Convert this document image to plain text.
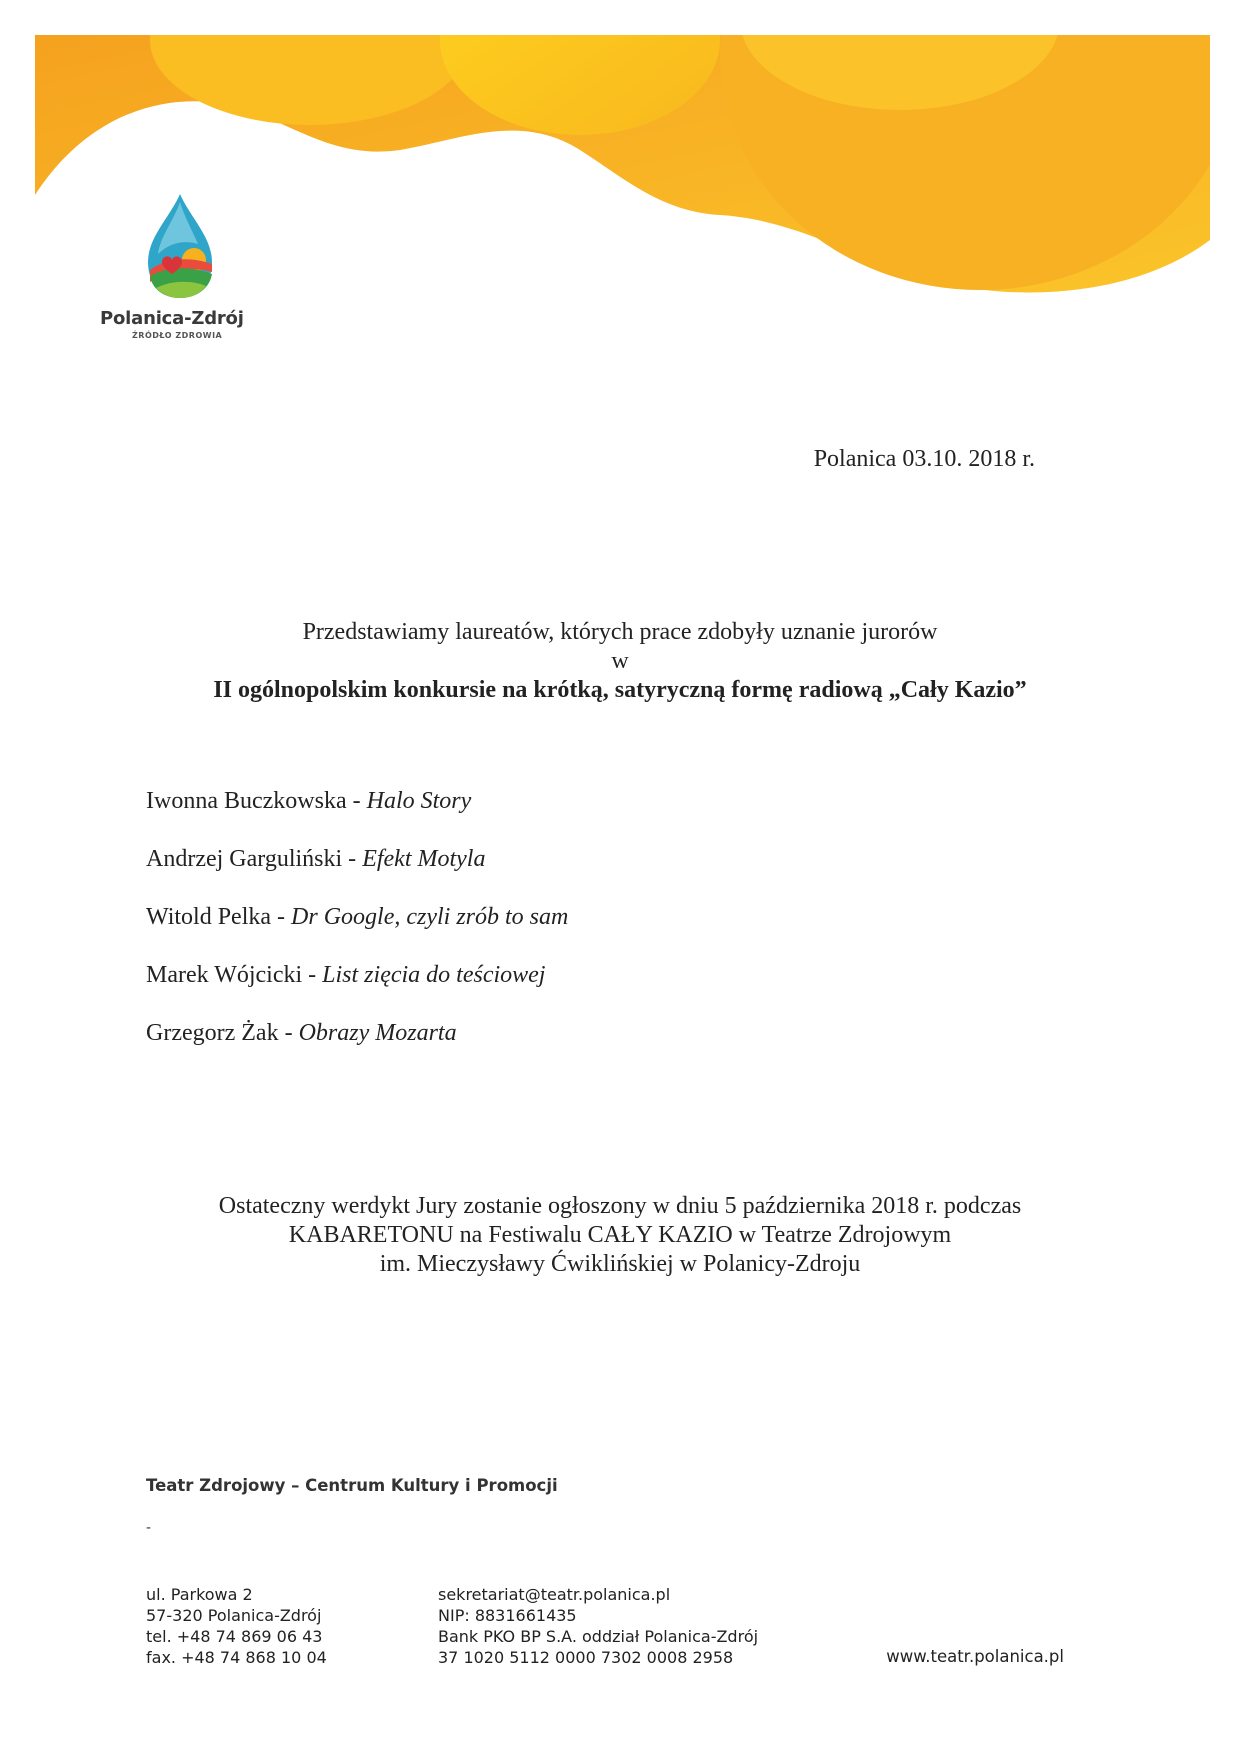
Polanica-Zdrój
ŹRÓDŁO ZDROWIA
Polanica 03.10. 2018 r.
Przedstawiamy laureatów, których prace zdobyły uznanie jurorów
w
II ogólnopolskim konkursie na krótką, satyryczną formę radiową „Cały Kazio”
Iwonna Buczkowska - Halo Story
Andrzej Garguliński - Efekt Motyla
Witold Pelka - Dr Google, czyli zrób to sam
Marek Wójcicki - List zięcia do teściowej
Grzegorz Żak - Obrazy Mozarta
Ostateczny werdykt Jury zostanie ogłoszony w dniu 5 października 2018 r. podczas
KABARETONU na Festiwalu CAŁY KAZIO w Teatrze Zdrojowym
im. Mieczysławy Ćwiklińskiej w Polanicy-Zdroju
Teatr Zdrojowy – Centrum Kultury i Promocji
-
ul. Parkowa 2
57-320 Polanica-Zdrój
tel. +48 74 869 06 43
fax. +48 74 868 10 04
sekretariat@teatr.polanica.pl
NIP: 8831661435
Bank PKO BP S.A. oddział Polanica-Zdrój
37 1020 5112 0000 7302 0008 2958	www.teatr.polanica.pl
